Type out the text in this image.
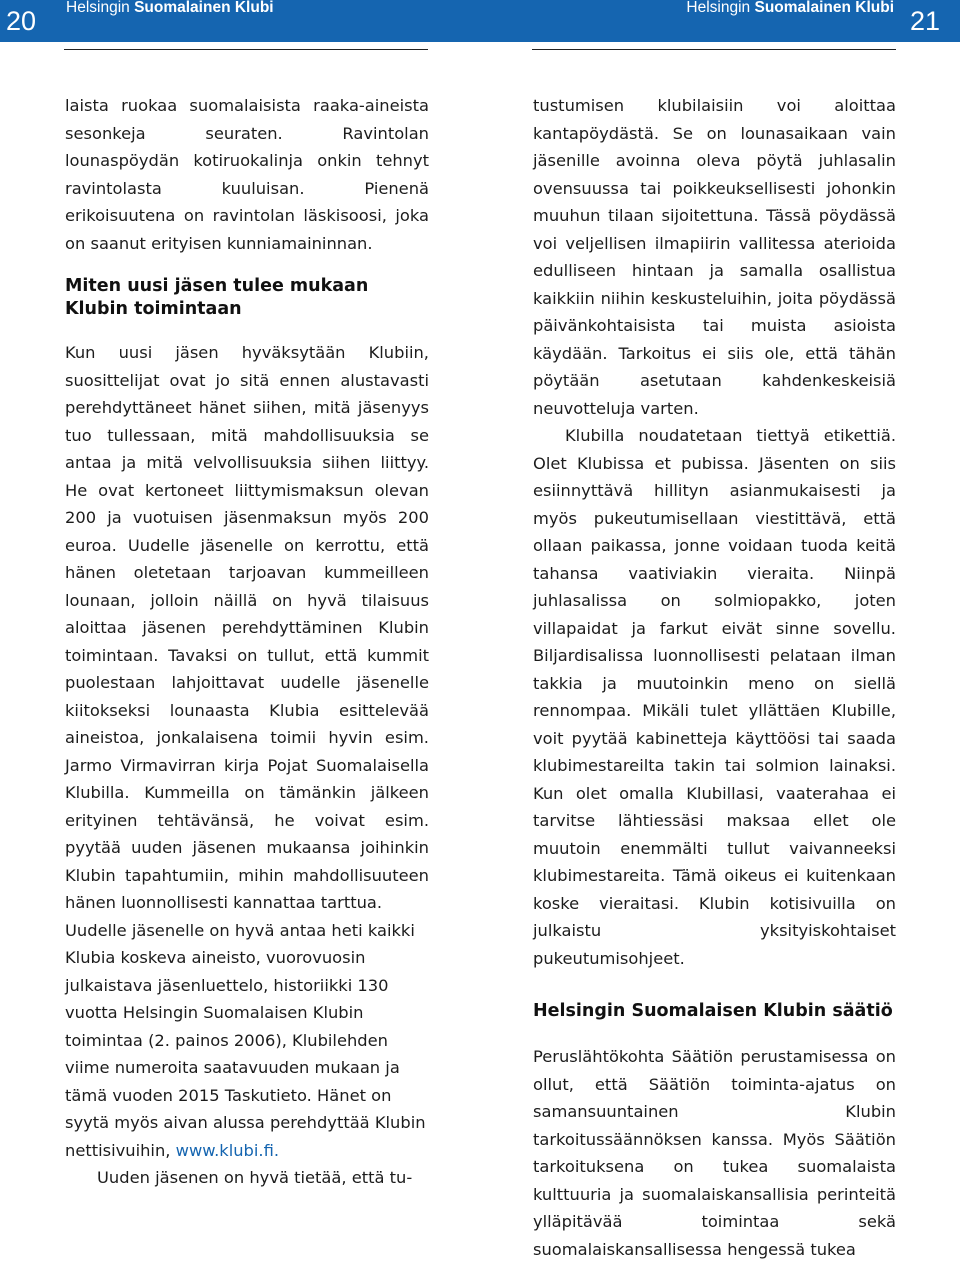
20 Helsingin Suomalainen Klubi	Helsingin Suomalainen Klubi 21

laista ruokaa suomalaisista raaka-aineista sesonkeja seuraten. Ravintolan lounaspöydän kotiruokalinja onkin tehnyt ravintolasta kuuluisan. Pienenä erikoisuutena on ravintolan läskisoosi, joka on saanut erityisen kunniamaininnan.

Miten uusi jäsen tulee mukaan Klubin toimintaan

Kun uusi jäsen hyväksytään Klubiin, suosittelijat ovat jo sitä ennen alustavasti perehdyttäneet hänet siihen, mitä jäsenyys tuo tullessaan, mitä mahdollisuuksia se antaa ja mitä velvollisuuksia siihen liittyy. He ovat kertoneet liittymismaksun olevan 200 ja vuotuisen jäsenmaksun myös 200 euroa. Uudelle jäsenelle on kerrottu, että hänen oletetaan tarjoavan kummeilleen lounaan, jolloin näillä on hyvä tilaisuus aloittaa jäsenen perehdyttäminen Klubin toimintaan. Tavaksi on tullut, että kummit puolestaan lahjoittavat uudelle jäsenelle kiitokseksi lounaasta Klubia esittelevää aineistoa, jonkalaisena toimii hyvin esim. Jarmo Virmavirran kirja Pojat Suomalaisella Klubilla. Kummeilla on tämänkin jälkeen erityinen tehtävänsä, he voivat esim. pyytää uuden jäsenen mukaansa joihinkin Klubin tapahtumiin, mihin mahdollisuuteen hänen luonnollisesti kannattaa tarttua.

Uudelle jäsenelle on hyvä antaa heti kaikki Klubia koskeva aineisto, vuorovuosin julkaistava jäsenluettelo, historiikki 130 vuotta Helsingin Suomalaisen Klubin toimintaa (2. painos 2006), Klubilehden viime numeroita saatavuuden mukaan ja tämä vuoden 2015 Taskutieto. Hänet on syytä myös aivan alussa perehdyttää Klubin nettisivuihin, www.klubi.fi.

Uuden jäsenen on hyvä tietää, että tu-

tustumisen klubilaisiin voi aloittaa kantapöydästä. Se on lounasaikaan vain jäsenille avoinna oleva pöytä juhlasalin ovensuussa tai poikkeuksellisesti johonkin muuhun tilaan sijoitettuna. Tässä pöydässä voi veljellisen ilmapiirin vallitessa aterioida edulliseen hintaan ja samalla osallistua kaikkiin niihin keskusteluihin, joita pöydässä päivänkohtaisista tai muista asioista käydään. Tarkoitus ei siis ole, että tähän pöytään asetutaan kahdenkeskeisiä neuvotteluja varten.

Klubilla noudatetaan tiettyä etikettiä. Olet Klubissa et pubissa. Jäsenten on siis esiinnyttävä hillityn asianmukaisesti ja myös pukeutumisellaan viestittävä, että ollaan paikassa, jonne voidaan tuoda keitä tahansa vaativiakin vieraita. Niinpä juhlasalissa on solmiopakko, joten villapaidat ja farkut eivät sinne sovellu. Biljardisalissa luonnollisesti pelataan ilman takkia ja muutoinkin meno on siellä rennompaa. Mikäli tulet yllättäen Klubille, voit pyytää kabinetteja käyttöösi tai saada klubimestareilta takin tai solmion lainaksi. Kun olet omalla Klubillasi, vaaterahaa ei tarvitse lähtiessäsi maksaa ellet ole muutoin enemmälti tullut vaivanneeksi klubimestareita. Tämä oikeus ei kuitenkaan koske vieraitasi. Klubin kotisivuilla on julkaistu yksityiskohtaiset pukeutumisohjeet.

Helsingin Suomalaisen Klubin säätiö

Peruslähtökohta Säätiön perustamisessa on ollut, että Säätiön toiminta-ajatus on samansuuntainen Klubin tarkoitussäännöksen kanssa. Myös Säätiön tarkoituksena on tukea suomalaista kulttuuria ja suomalaiskansallisia perinteitä ylläpitävää toimintaa sekä suomalaiskansallisessa hengessä tukea
